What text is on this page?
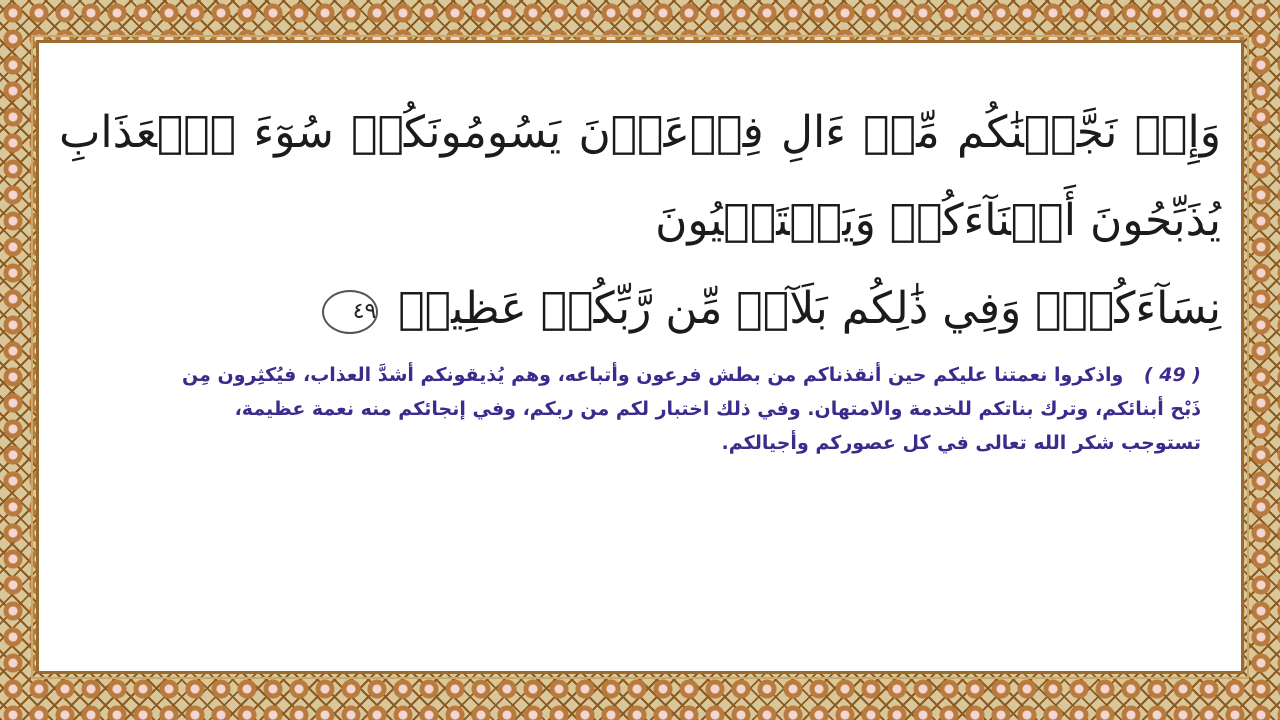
وَإِذۡ نَجَّيۡنَٰكُم مِّنۡ ءَالِ فِرۡعَوۡنَ يَسُومُونَكُمۡ سُوٓءَ ٱلۡعَذَابِ يُذَبِّحُونَ أَبۡنَآءَكُمۡ وَيَسۡتَحۡيُونَ
نِسَآءَكُمۡۚ وَفِي ذَٰلِكُم بَلَآءٞ مِّن رَّبِّكُمۡ عَظِيمٞ ٤٩
( 49 ) واذكروا نعمتنا عليكم حين أنقذناكم من بطش فرعون وأتباعه، وهم يُذيقونكم أشدَّ العذاب، فيُكثِرون مِن ذَبْح أبنائكم، وترك بناتكم للخدمة والامتهان. وفي ذلك اختبار لكم من ربكم، وفي إنجائكم منه نعمة عظيمة، تستوجب شكر الله تعالى في كل عصوركم وأجيالكم.
